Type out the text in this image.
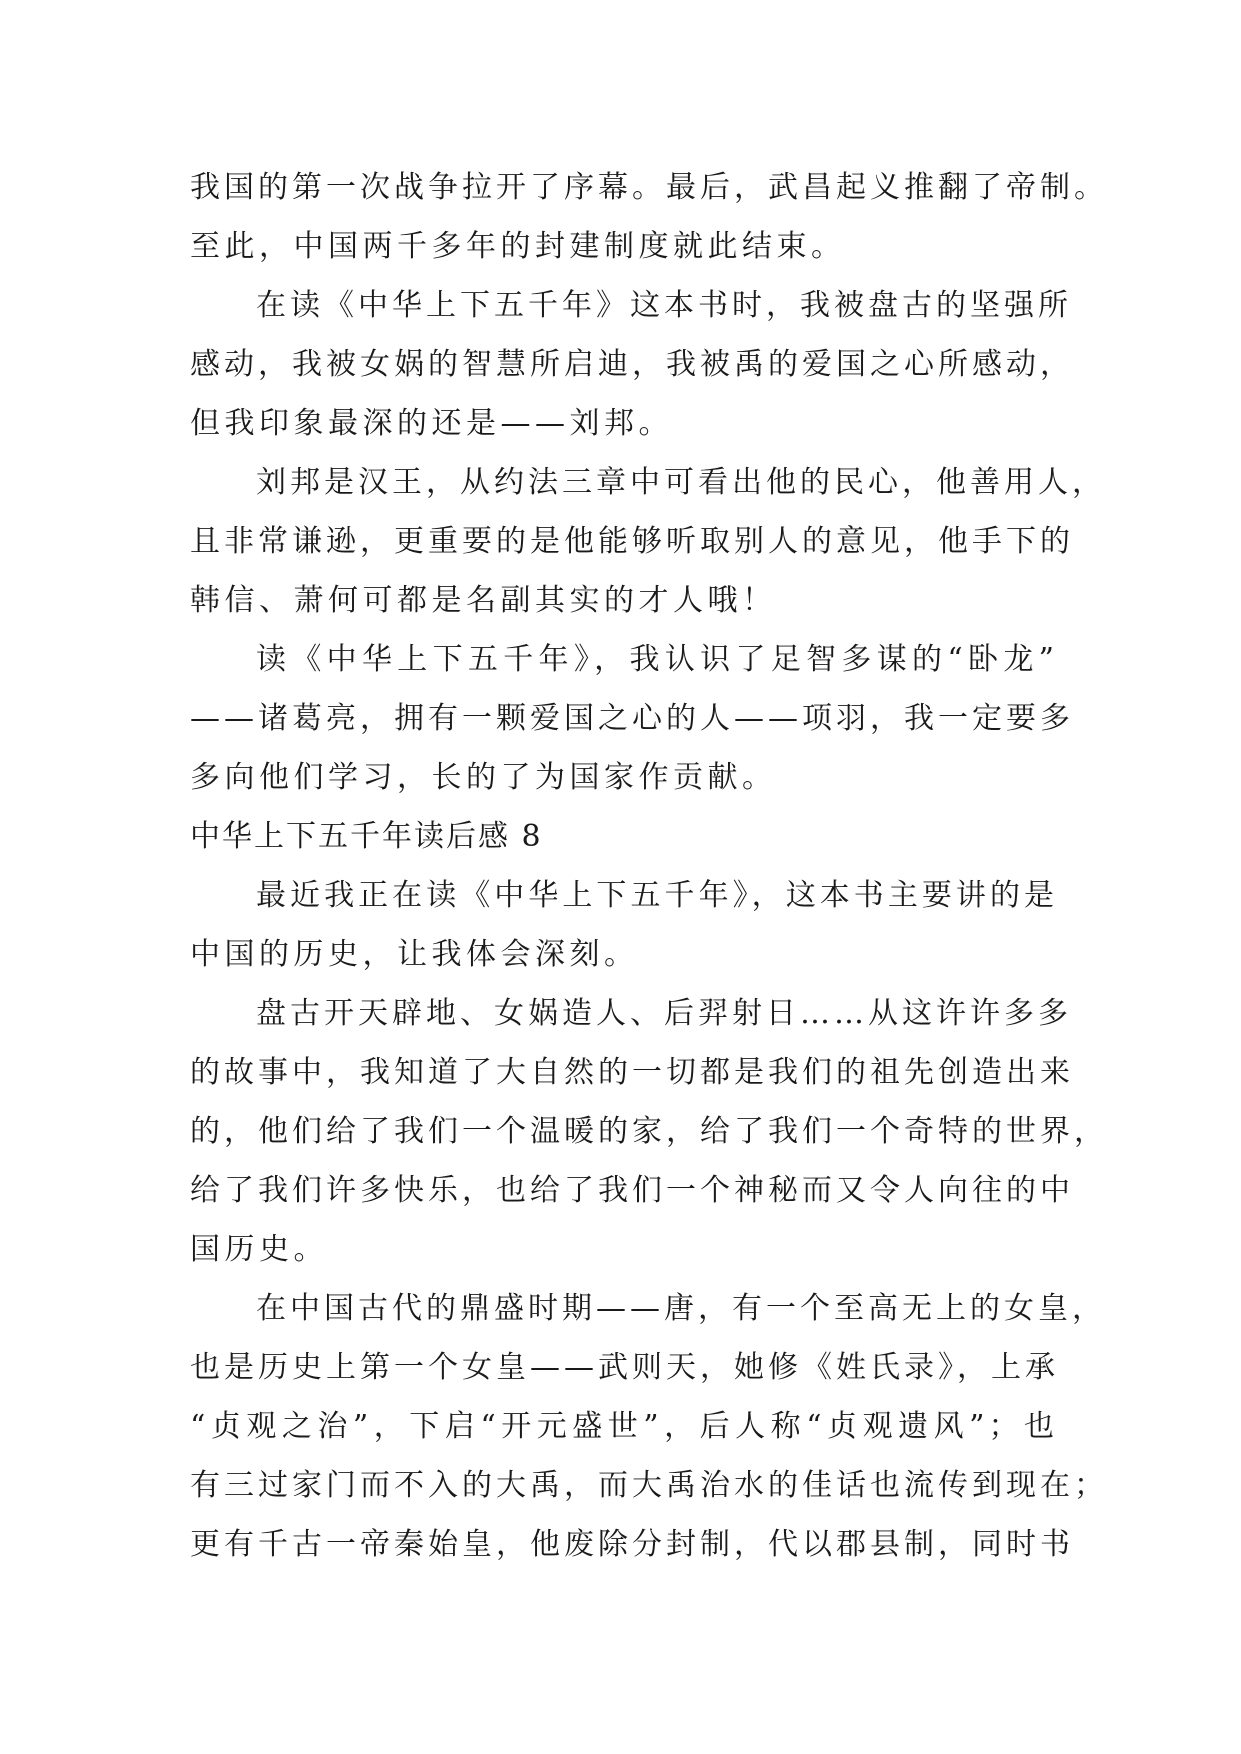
我国的第一次战争拉开了序幕。最后，武昌起义推翻了帝制。
至此，中国两千多年的封建制度就此结束。
在读《中华上下五千年》这本书时，我被盘古的坚强所
感动，我被女娲的智慧所启迪，我被禹的爱国之心所感动，
但我印象最深的还是——刘邦。
刘邦是汉王，从约法三章中可看出他的民心，他善用人，
且非常谦逊，更重要的是他能够听取别人的意见，他手下的
韩信、萧何可都是名副其实的才人哦！
读《中华上下五千年》，我认识了足智多谋的“卧龙”
——诸葛亮，拥有一颗爱国之心的人——项羽，我一定要多
多向他们学习，长的了为国家作贡献。
中华上下五千年读后感 8
最近我正在读《中华上下五千年》，这本书主要讲的是
中国的历史，让我体会深刻。
盘古开天辟地、女娲造人、后羿射日……从这许许多多
的故事中，我知道了大自然的一切都是我们的祖先创造出来
的，他们给了我们一个温暖的家，给了我们一个奇特的世界，
给了我们许多快乐，也给了我们一个神秘而又令人向往的中
国历史。
在中国古代的鼎盛时期——唐，有一个至高无上的女皇，
也是历史上第一个女皇——武则天，她修《姓氏录》，上承
“贞观之治”，下启“开元盛世”，后人称“贞观遗风”；也
有三过家门而不入的大禹，而大禹治水的佳话也流传到现在；
更有千古一帝秦始皇，他废除分封制，代以郡县制，同时书
